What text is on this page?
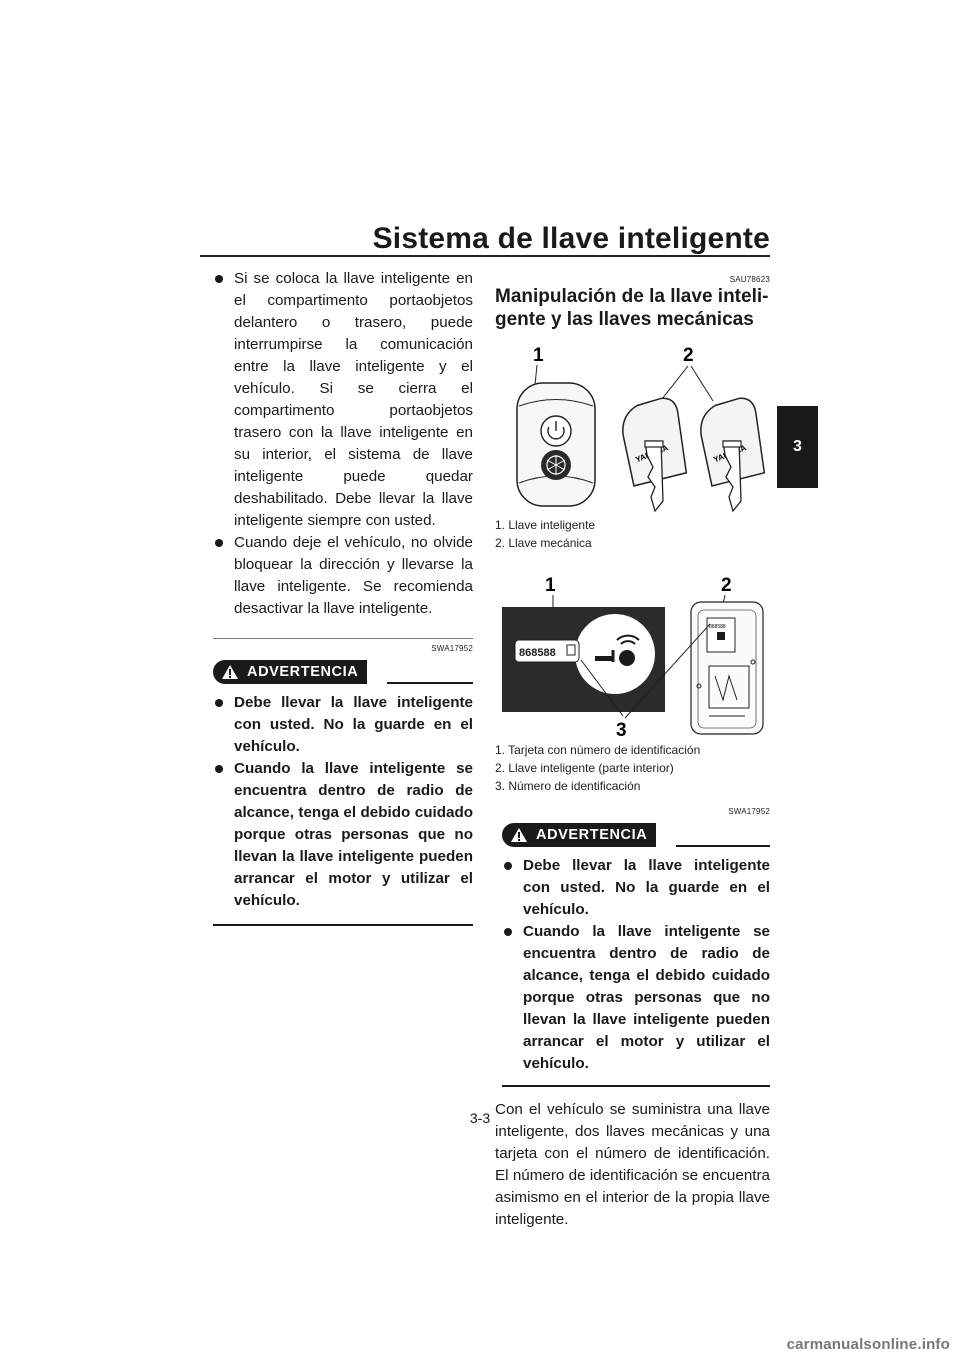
Sistema de llave inteligente
3
Si se coloca la llave inteligente en el compartimento portaobjetos delantero o trasero, puede interrumpirse la comunicación entre la llave inteligente y el vehículo. Si se cierra el compartimento portaobjetos trasero con la llave inteligente en su interior, el sistema de llave inteligente puede quedar deshabilitado. Debe llevar la llave inteligente siempre con usted.
Cuando deje el vehículo, no olvide bloquear la dirección y llevarse la llave inteligente. Se recomienda desactivar la llave inteligente.
SWA17952
ADVERTENCIA
Debe llevar la llave inteligente con usted. No la guarde en el vehículo.
Cuando la llave inteligente se encuentra dentro de radio de alcance, tenga el debido cuidado porque otras personas que no llevan la llave inteligente pueden arrancar el motor y utilizar el vehículo.
SAU78623

Manipulación de la llave inteli-
gente y las llaves mecánicas

1	2
1. Llave inteligente
2. Llave mecánica
1	2
868588
868588
3
1. Tarjeta con número de identificación
2. Llave inteligente (parte interior)
3. Número de identificación
SWA17952
ADVERTENCIA
Debe llevar la llave inteligente con usted. No la guarde en el vehículo.
Cuando la llave inteligente se encuentra dentro de radio de alcance, tenga el debido cuidado porque otras personas que no llevan la llave inteligente pueden arrancar el motor y utilizar el vehículo.

Con el vehículo se suministra una llave inteligente, dos llaves mecánicas y una tarjeta con el número de identificación. El número de identificación se encuentra asimismo en el interior de la propia llave inteligente.

3-3
carmanualsonline.info
